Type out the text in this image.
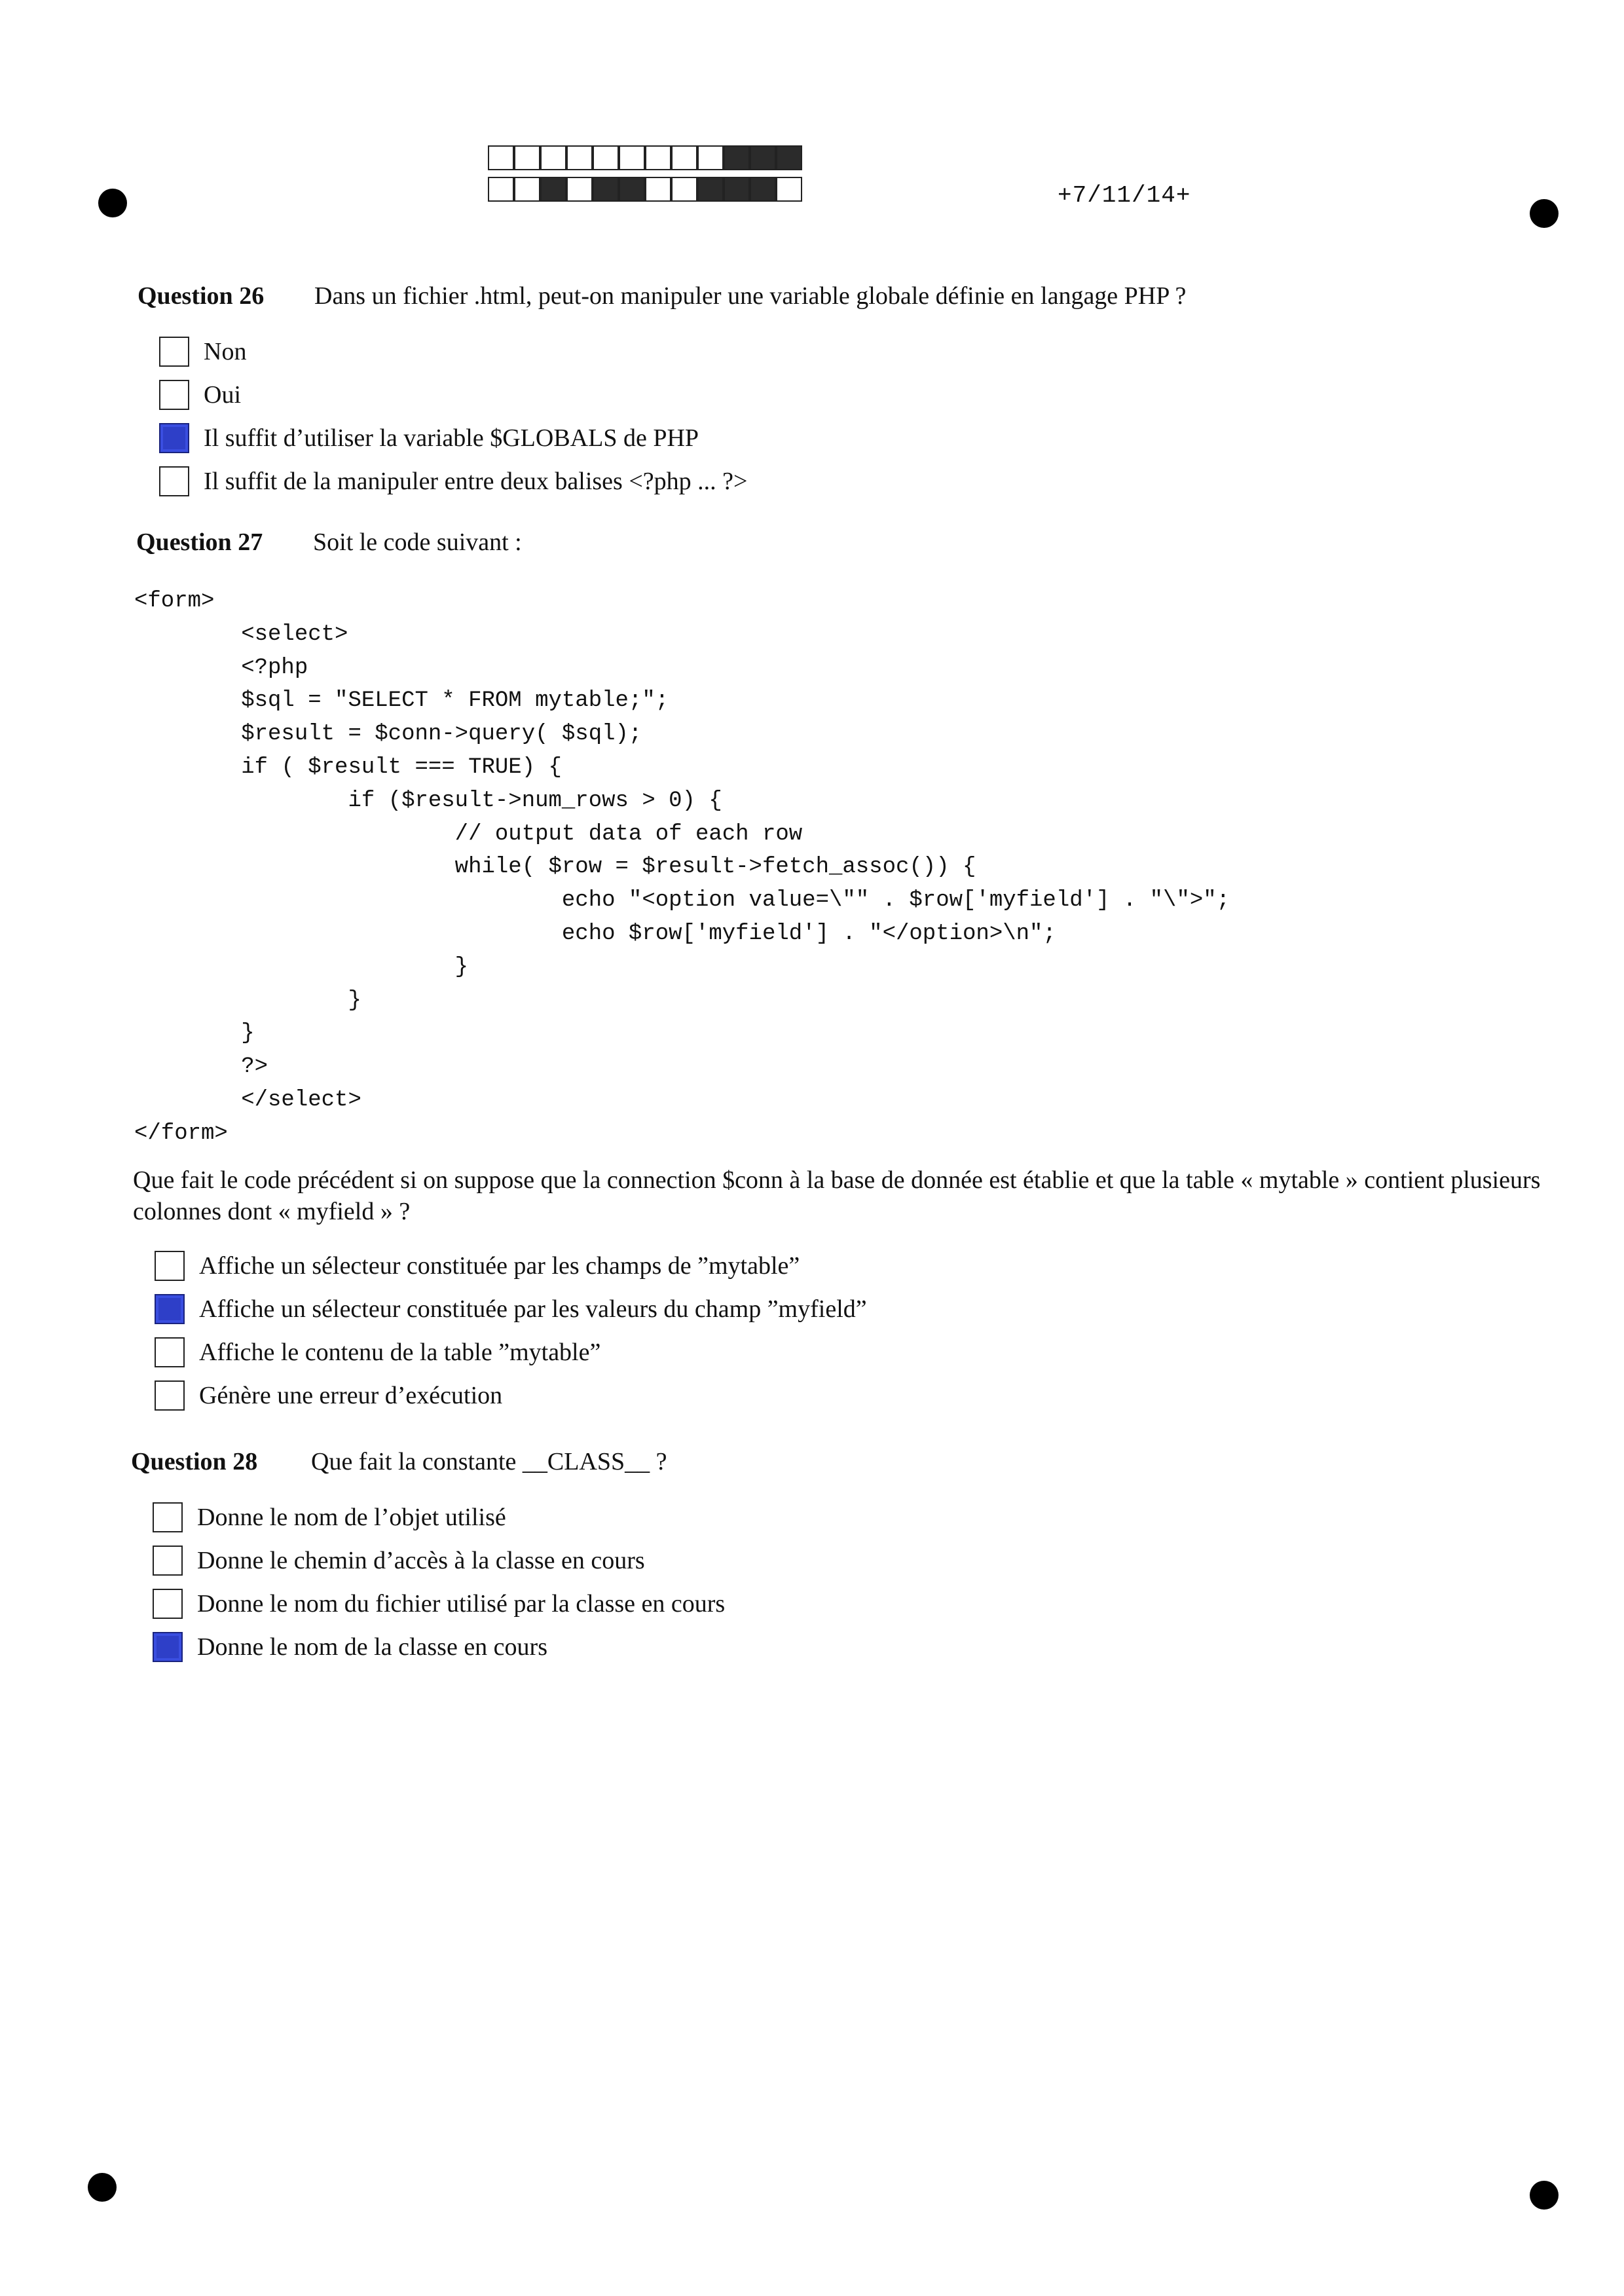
+7/11/14+
Question 26 Dans un fichier .html, peut-on manipuler une variable globale définie en langage PHP ?
Non
Oui
Il suffit d’utiliser la variable $GLOBALS de PHP
Il suffit de la manipuler entre deux balises <?php ... ?>
Question 27 Soit le code suivant :
<form>
<select>
<?php
$sql = "SELECT * FROM mytable;";
$result = $conn->query( $sql);
if ( $result === TRUE) {
if ($result->num_rows > 0) {
// output data of each row
while( $row = $result->fetch_assoc()) {
echo "<option value=\"" . $row['myfield'] . "\">";
echo $row['myfield'] . "</option>\n";
}
}
}
?>
</select>
</form>
Que fait le code précédent si on suppose que la connection $conn à la base de donnée est établie et que la table « mytable » contient plusieurs colonnes dont « myfield » ?
Affiche un sélecteur constituée par les champs de ”mytable”
Affiche un sélecteur constituée par les valeurs du champ ”myfield”
Affiche le contenu de la table ”mytable”
Génère une erreur d’exécution
Question 28 Que fait la constante __CLASS__ ?
Donne le nom de l’objet utilisé
Donne le chemin d’accès à la classe en cours
Donne le nom du fichier utilisé par la classe en cours
Donne le nom de la classe en cours
